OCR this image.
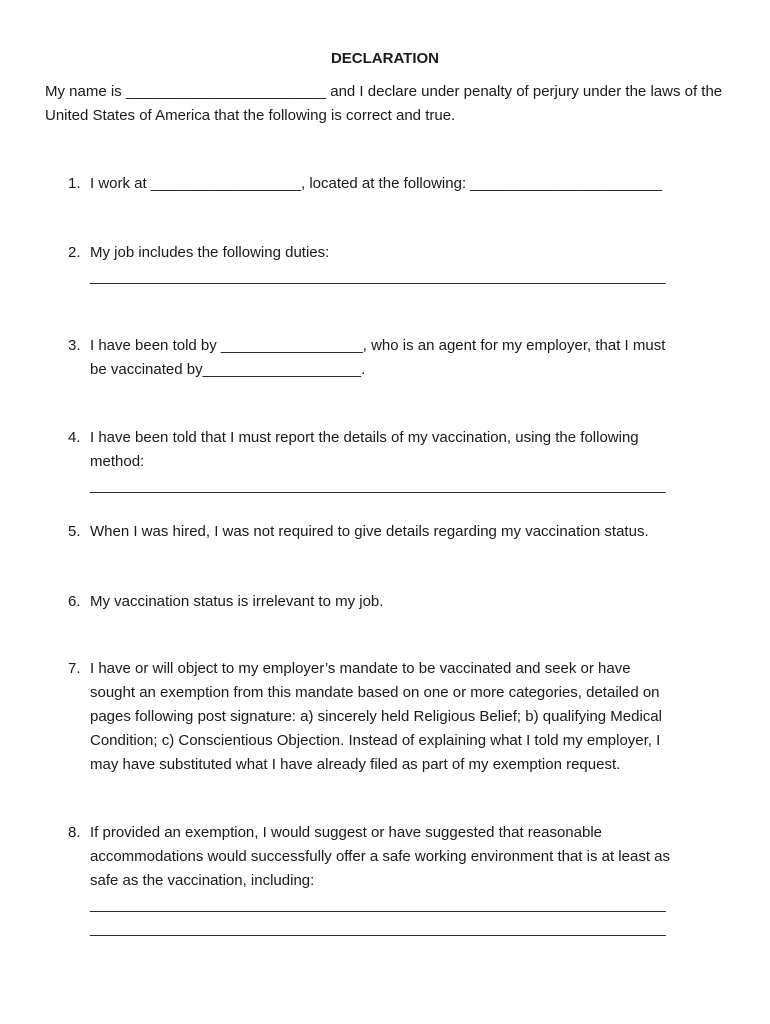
DECLARATION
My name is ________________________ and I declare under penalty of perjury under the laws of the United States of America that the following is correct and true.
1. I work at __________________, located at the following: _______________________
2. My job includes the following duties:
_____________________________________________________________________
3. I have been told by _________________, who is an agent for my employer, that I must
be vaccinated by___________________.
4. I have been told that I must report the details of my vaccination, using the following
method:
_____________________________________________________________________
5. When I was hired, I was not required to give details regarding my vaccination status.
6. My vaccination status is irrelevant to my job.
7. I have or will object to my employer’s mandate to be vaccinated and seek or have
sought an exemption from this mandate based on one or more categories, detailed on
pages following post signature: a) sincerely held Religious Belief; b) qualifying Medical
Condition; c) Conscientious Objection. Instead of explaining what I told my employer, I
may have substituted what I have already filed as part of my exemption request.
8. If provided an exemption, I would suggest or have suggested that reasonable
accommodations would successfully offer a safe working environment that is at least as
safe as the vaccination, including:
_____________________________________________________________________
_____________________________________________________________________
